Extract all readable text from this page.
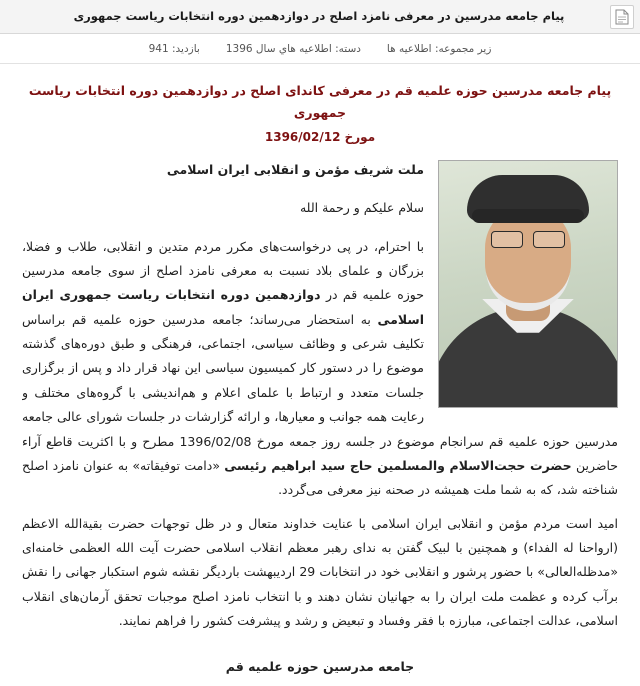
پیام جامعه مدرسین در معرفی نامزد اصلح در دوازدهمین دوره انتخابات ریاست جمهوری
زیر مجموعه: اطلاعیه ها
دسته: اطلاعیه هاي سال 1396
بازدید: 941
پیام جامعه مدرسین حوزه علمیه قم در معرفی کاندای اصلح در دوازدهمین دوره انتخابات ریاست جمهوری
مورخ 1396/02/12

ملت شریف مؤمن و انقلابی ایران اسلامی

سلام علیکم و رحمة الله

با احترام، در پی درخواست‌های مکرر مردم متدین و انقلابی، طلاب و فضلا، بزرگان و علمای بلاد نسبت به معرفی نامزد اصلح از سوی جامعه مدرسین حوزه علمیه قم در دوازدهمین دوره انتخابات ریاست جمهوری ایران اسلامی به استحضار می‌رساند؛ جامعه مدرسین حوزه علمیه قم براساس تکلیف شرعی و وظائف سیاسی، اجتماعی، فرهنگی و طبق دوره‌های گذشته موضوع را در دستور کار کمیسیون سیاسی این نهاد قرار داد و پس از برگزاری جلسات متعدد و ارتباط با علمای اعلام و هم‌اندیشی با گروه‌های مختلف و رعایت همه جوانب و معیارها، و ارائه گزارشات در جلسات شورای عالی جامعه مدرسین حوزه علمیه قم سرانجام موضوع در جلسه روز جمعه مورخ 1396/02/08 مطرح و با اکثریت قاطع آراء حاضرین حضرت حجت‌الاسلام والمسلمین حاج سید ابراهیم رئیسی «دامت توفیقاته» به عنوان نامزد اصلح شناخته شد، که به شما ملت همیشه در صحنه نیز معرفی می‌گردد.

امید است مردم مؤمن و انقلابی ایران اسلامی با عنایت خداوند متعال و در ظل توجهات حضرت بقیةالله الاعظم (ارواحنا له الفداء) و همچنین با لبیک گفتن به ندای رهبر معظم انقلاب اسلامی حضرت آیت الله العظمی خامنه‌ای «مدظله‌العالی» با حضور پرشور و انقلابی خود در انتخابات 29 اردیبهشت باردیگر نقشه شوم استکبار جهانی را نقش برآب کرده و عظمت ملت ایران را به جهانیان نشان دهند و با انتخاب نامزد اصلح موجبات تحقق آرمان‌های انقلاب اسلامی، عدالت اجتماعی، مبارزه با فقر وفساد و تبعیض و رشد و پیشرفت کشور را فراهم نمایند.

جامعه مدرسین حوزه علمیه قم
